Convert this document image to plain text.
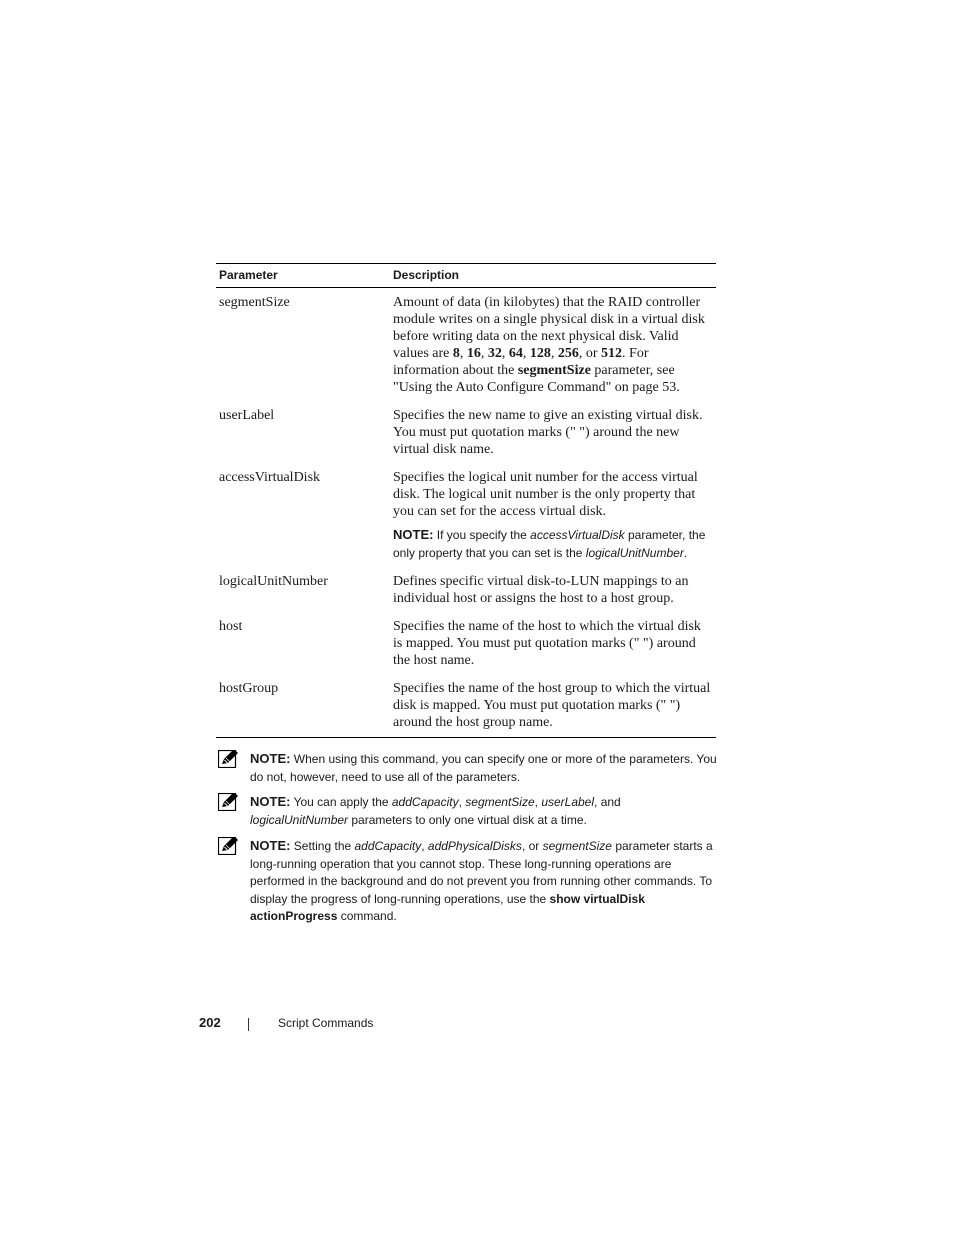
Parameter	Description
segmentSize	Amount of data (in kilobytes) that the RAID controller module writes on a single physical disk in a virtual disk before writing data on the next physical disk. Valid values are 8, 16, 32, 64, 128, 256, or 512. For information about the segmentSize parameter, see "Using the Auto Configure Command" on page 53.
userLabel	Specifies the new name to give an existing virtual disk. You must put quotation marks (" ") around the new virtual disk name.
accessVirtualDisk	Specifies the logical unit number for the access virtual disk. The logical unit number is the only property that you can set for the access virtual disk.
NOTE: If you specify the accessVirtualDisk parameter, the only property that you can set is the logicalUnitNumber.

logicalUnitNumber	Defines specific virtual disk-to-LUN mappings to an individual host or assigns the host to a host group.
host	Specifies the name of the host to which the virtual disk is mapped. You must put quotation marks (" ") around the host name.
hostGroup	Specifies the name of the host group to which the virtual disk is mapped. You must put quotation marks (" ") around the host group name.
NOTE: When using this command, you can specify one or more of the parameters. You do not, however, need to use all of the parameters.
NOTE: You can apply the addCapacity, segmentSize, userLabel, and logicalUnitNumber parameters to only one virtual disk at a time.
NOTE: Setting the addCapacity, addPhysicalDisks, or segmentSize parameter starts a long-running operation that you cannot stop. These long-running operations are performed in the background and do not prevent you from running other commands. To display the progress of long-running operations, use the show virtualDisk actionProgress command.
202	Script Commands
